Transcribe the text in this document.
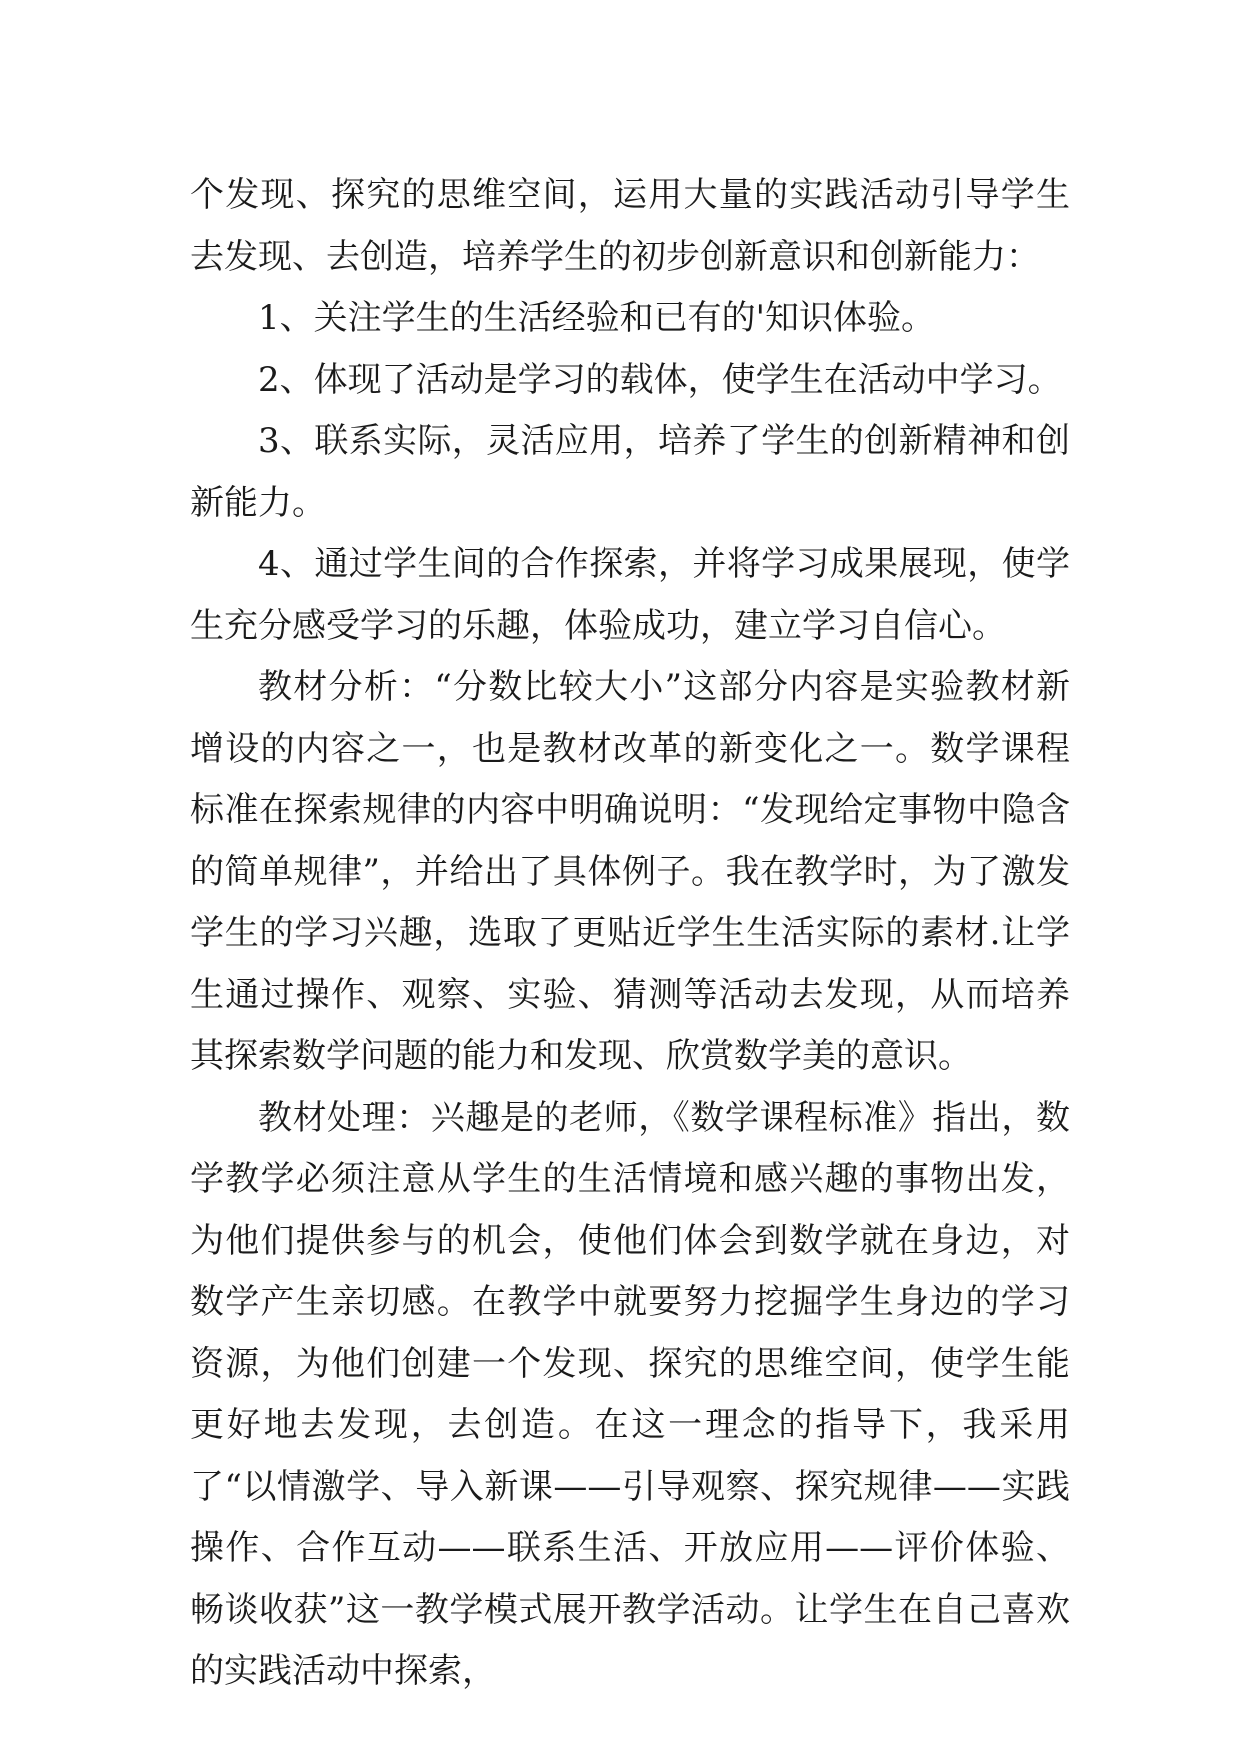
个发现、探究的思维空间，运用大量的实践活动引导学生去发现、去创造，培养学生的初步创新意识和创新能力：

1、关注学生的生活经验和已有的'知识体验。

2、体现了活动是学习的载体，使学生在活动中学习。

3、联系实际，灵活应用，培养了学生的创新精神和创新能力。

4、通过学生间的合作探索，并将学习成果展现，使学生充分感受学习的乐趣，体验成功，建立学习自信心。

教材分析：“分数比较大小”这部分内容是实验教材新增设的内容之一，也是教材改革的新变化之一。数学课程标准在探索规律的内容中明确说明：“发现给定事物中隐含的简单规律”，并给出了具体例子。我在教学时，为了激发学生的学习兴趣，选取了更贴近学生生活实际的素材.让学生通过操作、观察、实验、猜测等活动去发现，从而培养其探索数学问题的能力和发现、欣赏数学美的意识。

教材处理：兴趣是的老师，《数学课程标准》指出，数学教学必须注意从学生的生活情境和感兴趣的事物出发，为他们提供参与的机会，使他们体会到数学就在身边，对数学产生亲切感。在教学中就要努力挖掘学生身边的学习资源，为他们创建一个发现、探究的思维空间，使学生能更好地去发现，去创造。在这一理念的指导下，我采用了“以情激学、导入新课——引导观察、探究规律——实践操作、合作互动——联系生活、开放应用——评价体验、畅谈收获”这一教学模式展开教学活动。让学生在自己喜欢的实践活动中探索，
